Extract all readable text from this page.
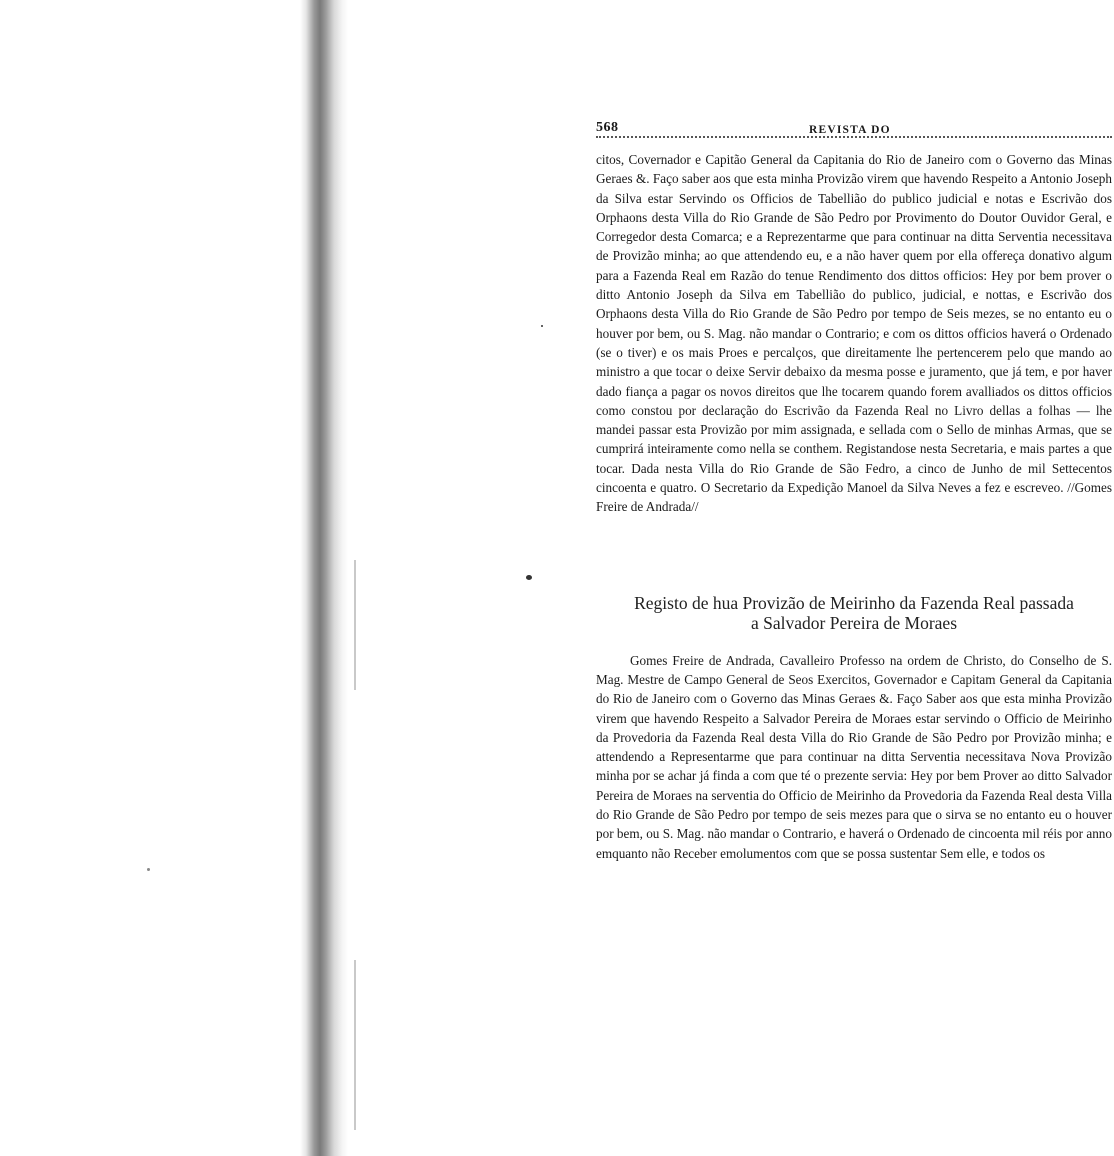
568	REVISTA DO

citos, Covernador e Capitão General da Capitania do Rio de Janeiro com o Governo das Minas Geraes &. Faço saber aos que esta minha Provizão virem que havendo Respeito a Antonio Joseph da Silva estar Servindo os Officios de Tabellião do publico judicial e notas e Escrivão dos Orphaons desta Villa do Rio Grande de São Pedro por Provimento do Doutor Ouvidor Geral, e Corregedor desta Comarca; e a Reprezentarme que para continuar na ditta Serventia necessitava de Provizão minha; ao que attendendo eu, e a não haver quem por ella offereça donativo algum para a Fazenda Real em Razão do tenue Rendimento dos dittos officios: Hey por bem prover o ditto Antonio Joseph da Silva em Tabellião do publico, judicial, e nottas, e Escrivão dos Orphaons desta Villa do Rio Grande de São Pedro por tempo de Seis mezes, se no entanto eu o houver por bem, ou S. Mag. não mandar o Contrario; e com os dittos officios haverá o Ordenado (se o tiver) e os mais Proes e percalços, que direitamente lhe pertencerem pelo que mando ao ministro a que tocar o deixe Servir debaixo da mesma posse e juramento, que já tem, e por haver dado fiança a pagar os novos direitos que lhe tocarem quando forem avalliados os dittos officios como constou por declaração do Escrivão da Fazenda Real no Livro dellas a folhas — lhe mandei passar esta Provizão por mim assignada, e sellada com o Sello de minhas Armas, que se cumprirá inteiramente como nella se conthem. Registandose nesta Secretaria, e mais partes a que tocar. Dada nesta Villa do Rio Grande de São Fedro, a cinco de Junho de mil Settecentos cincoenta e quatro. O Secretario da Expedição Manoel da Silva Neves a fez e escreveo. //Gomes Freire de Andrada//

Registo de hua Provizão de Meirinho da Fazenda Real passada
a Salvador Pereira de Moraes

Gomes Freire de Andrada, Cavalleiro Professo na ordem de Christo, do Conselho de S. Mag. Mestre de Campo General de Seos Exercitos, Governador e Capitam General da Capitania do Rio de Janeiro com o Governo das Minas Geraes &. Faço Saber aos que esta minha Provizão virem que havendo Respeito a Salvador Pereira de Moraes estar servindo o Officio de Meirinho da Provedoria da Fazenda Real desta Villa do Rio Grande de São Pedro por Provizão minha; e attendendo a Representarme que para continuar na ditta Serventia necessitava Nova Provizão minha por se achar já finda a com que té o prezente servia: Hey por bem Prover ao ditto Salvador Pereira de Moraes na serventia do Officio de Meirinho da Provedoria da Fazenda Real desta Villa do Rio Grande de São Pedro por tempo de seis mezes para que o sirva se no entanto eu o houver por bem, ou S. Mag. não mandar o Contrario, e haverá o Ordenado de cincoenta mil réis por anno emquanto não Receber emolumentos com que se possa sustentar Sem elle, e todos os
